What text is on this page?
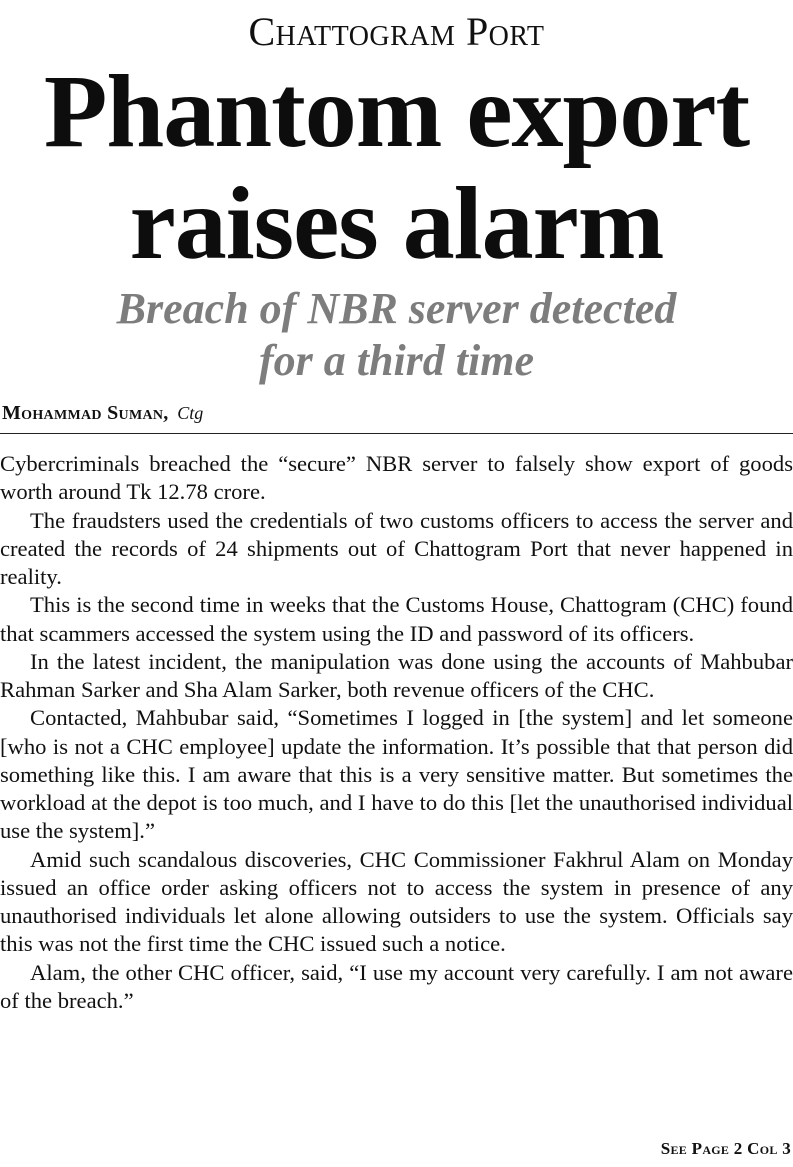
Chattogram Port
Phantom export
raises alarm
Breach of NBR server detected
for a third time
Mohammad Suman, Ctg

Cybercriminals breached the “secure” NBR server to falsely show export of goods worth around Tk 12.78 crore.

The fraudsters used the credentials of two customs officers to access the server and created the records of 24 shipments out of Chattogram Port that never happened in reality.

This is the second time in weeks that the Customs House, Chattogram (CHC) found that scammers accessed the system using the ID and password of its officers.

In the latest incident, the manipulation was done using the accounts of Mahbubar Rahman Sarker and Sha Alam Sarker, both revenue officers of the CHC.

Contacted, Mahbubar said, “Sometimes I logged in [the system] and let someone [who is not a CHC employee] update the information. It’s possible that that person did something like this. I am aware that this is a very sensitive matter. But sometimes the workload at the depot is too much, and I have to do this [let the unauthorised individual use the system].”

Amid such scandalous discoveries, CHC Commissioner Fakhrul Alam on Monday issued an office order asking officers not to access the system in presence of any unauthorised individuals let alone allowing outsiders to use the system. Officials say this was not the first time the CHC issued such a notice.

Alam, the other CHC officer, said, “I use my account very carefully. I am not aware of the breach.”

See Page 2 Col 3
